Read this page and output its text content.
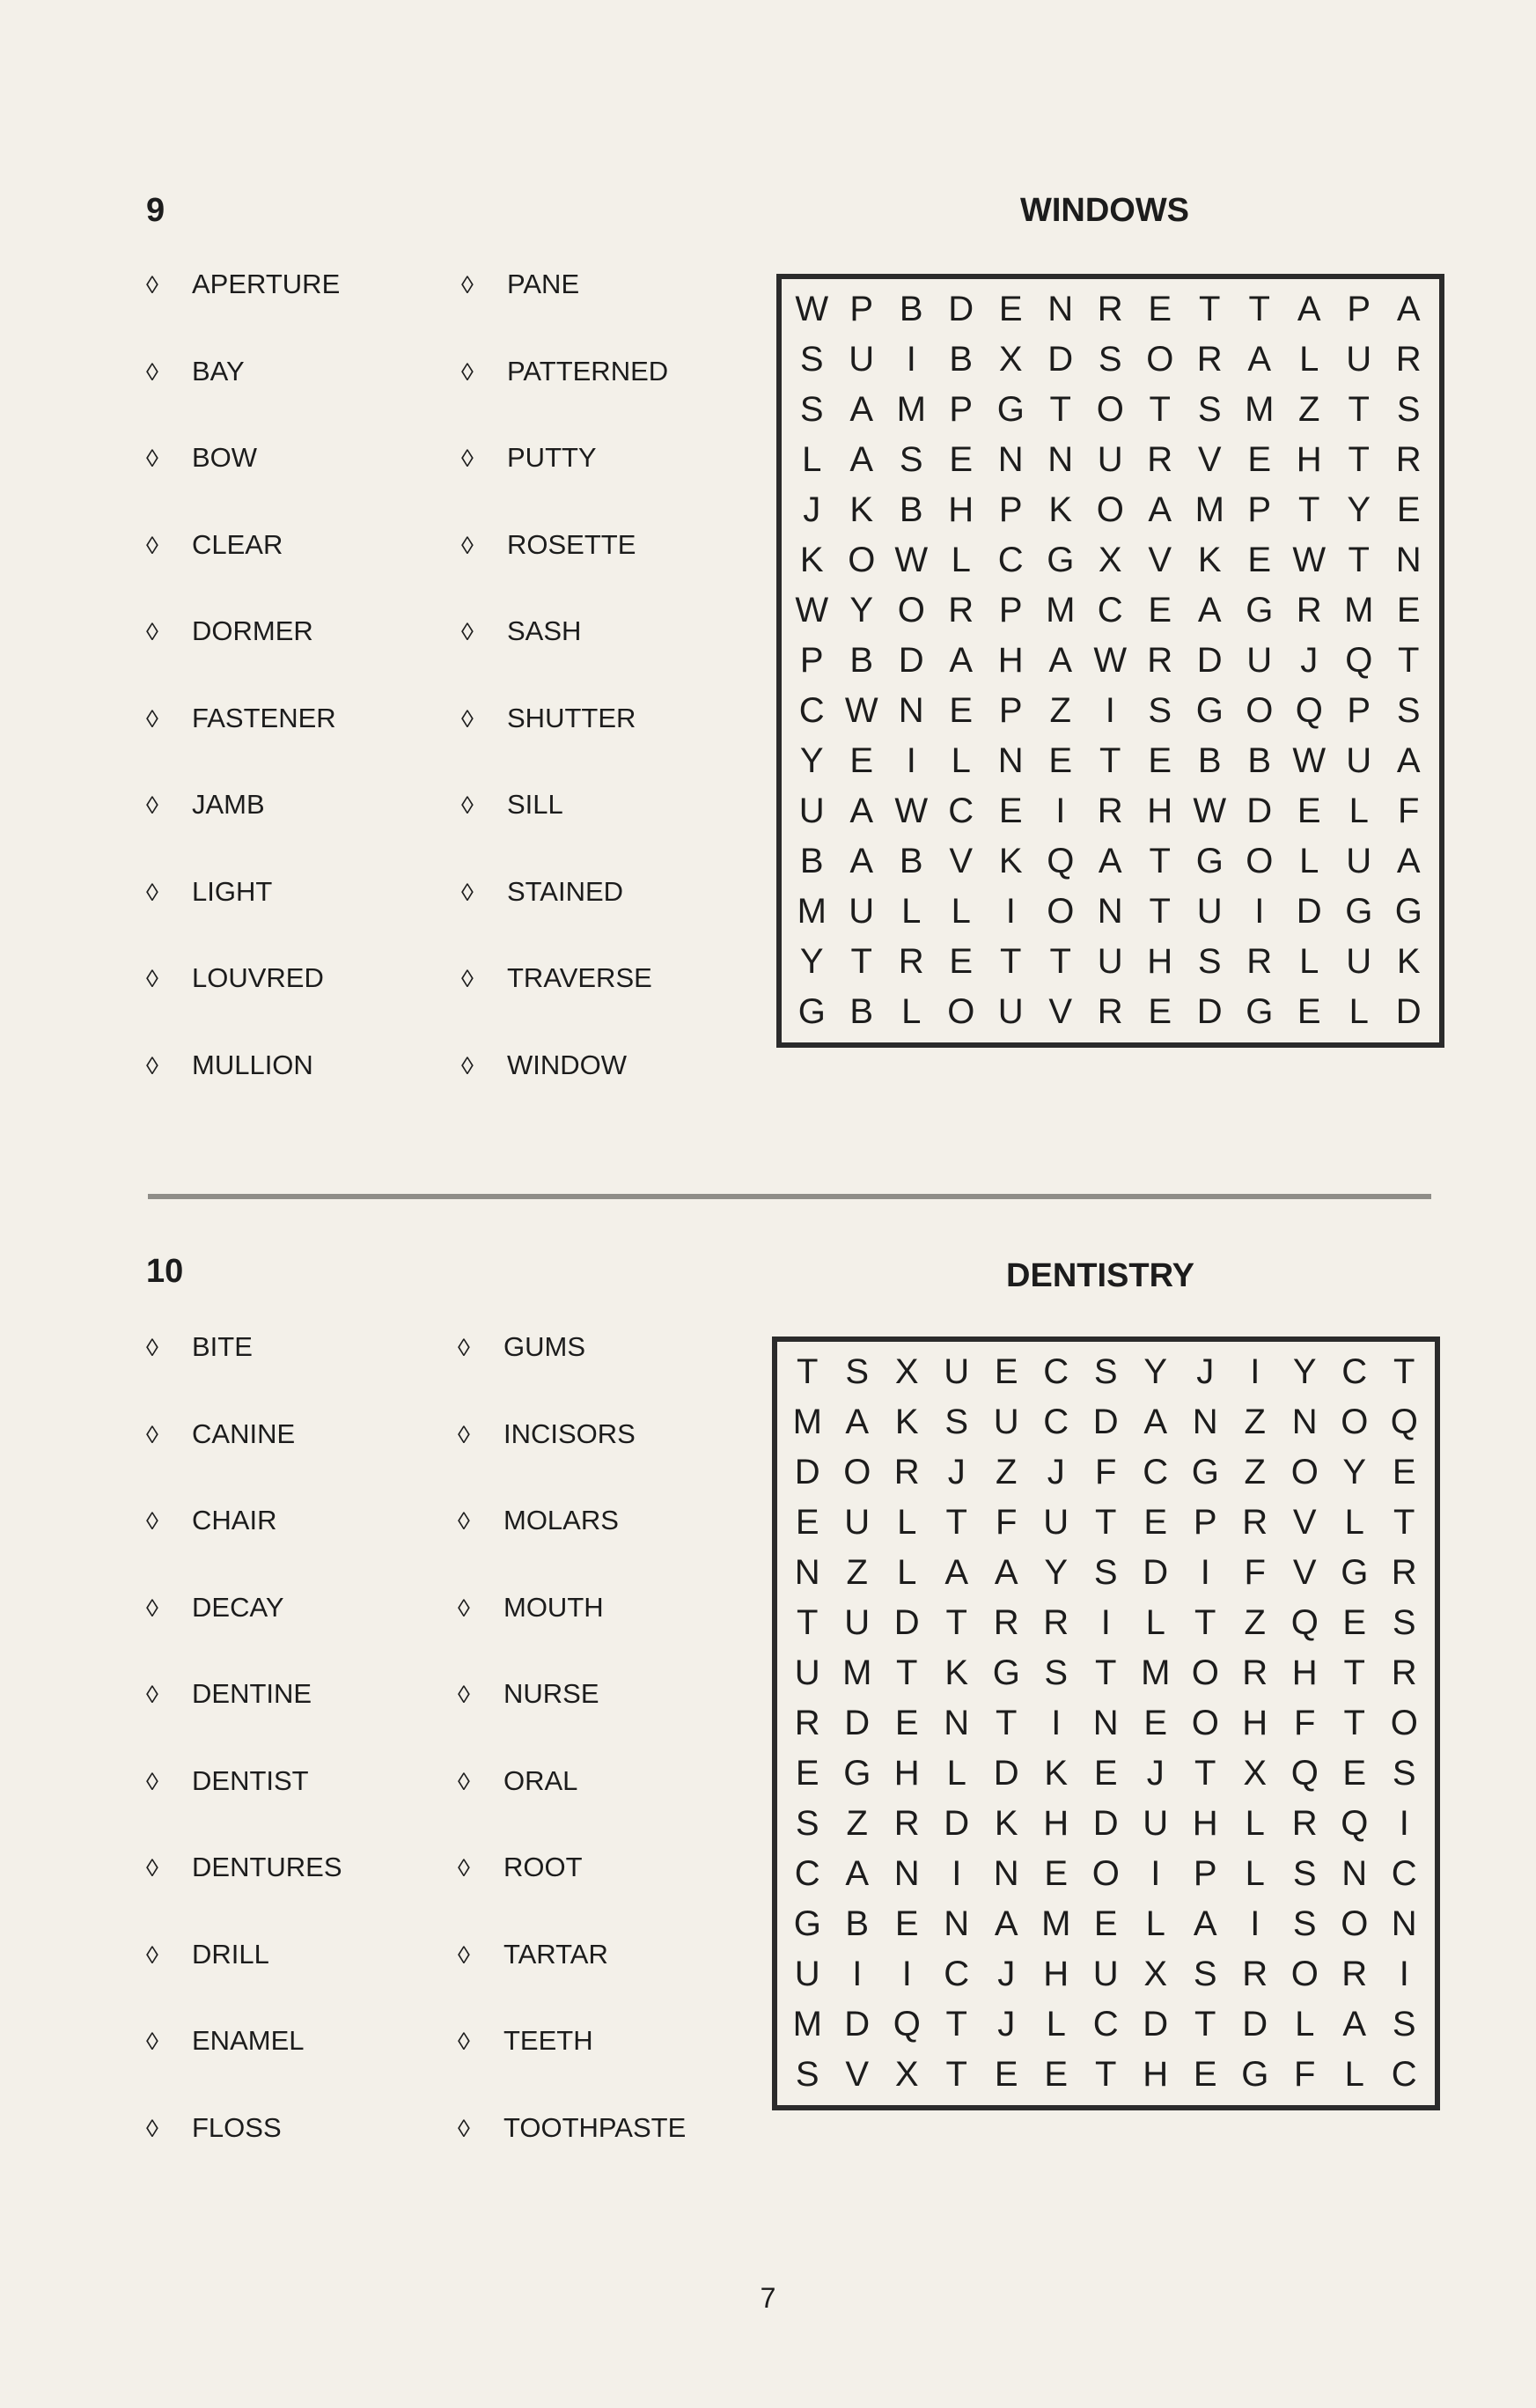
9	WINDOWS
◊ APERTURE
◊ BAY
◊ BOW
◊ CLEAR
◊ DORMER
◊ FASTENER
◊ JAMB
◊ LIGHT
◊ LOUVRED
◊ MULLION
◊ PANE
◊ PATTERNED
◊ PUTTY
◊ ROSETTE
◊ SASH
◊ SHUTTER
◊ SILL
◊ STAINED
◊ TRAVERSE
◊ WINDOW
W P B D E N R E T T A P A
S U I B X D S O R A L U R
S A M P G T O T S M Z T S
L A S E N N U R V E H T R
J K B H P K O A M P T Y E
K O W L C G X V K E W T N
W Y O R P M C E A G R M E
P B D A H A W R D U J Q T
C W N E P Z I S G O Q P S
Y E I L N E T E B B W U A
U A W C E I R H W D E L F
B A B V K Q A T G O L U A
M U L L I O N T U I D G G
Y T R E T T U H S R L U K
G B L O U V R E D G E L D
10	DENTISTRY
◊ BITE
◊ CANINE
◊ CHAIR
◊ DECAY
◊ DENTINE
◊ DENTIST
◊ DENTURES
◊ DRILL
◊ ENAMEL
◊ FLOSS
◊ GUMS
◊ INCISORS
◊ MOLARS
◊ MOUTH
◊ NURSE
◊ ORAL
◊ ROOT
◊ TARTAR
◊ TEETH
◊ TOOTHPASTE
T S X U E C S Y J	I Y C T
M A K S U C D A N Z N O Q
D O R J Z J F C G Z O Y E
E U L T F U T E P R V L T
N Z L A A Y S D I F V G R
T U D T R R I L T Z Q E S
U M T K G S T M O R H T R
R D E N T I N E O H F T O
E G H L D K E J T X Q E S
S Z R D K H D U H L R Q I
C A N I N E O I P L S N C
G B E N A M E L A I S O N
U I	I C J H U X S R O R I
M D Q T J L C D T D L A S
S V X T E E T H E G F L C
7
